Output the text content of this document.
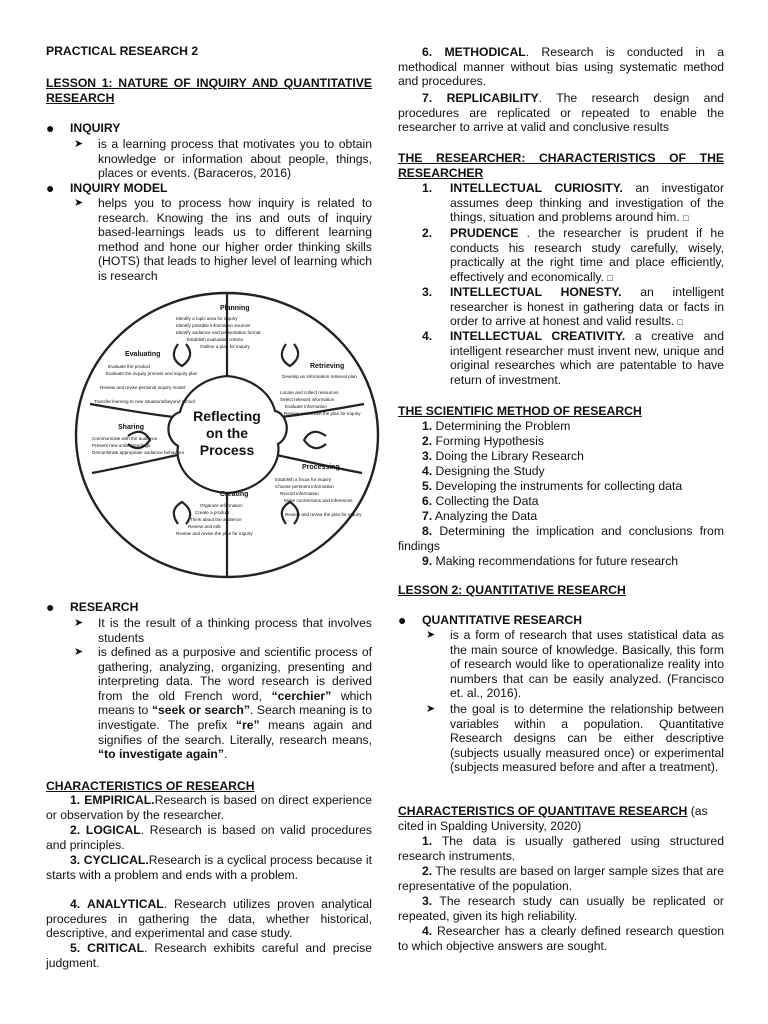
PRACTICAL RESEARCH 2
LESSON 1: NATURE OF INQUIRY AND QUANTITATIVE RESEARCH
● INQUIRY
➤ is a learning process that motivates you to obtain knowledge or information about people, things, places or events. (Baraceros, 2016)
● INQUIRY MODEL
➤ helps you to process how inquiry is related to research. Knowing the ins and outs of inquiry based-learnings leads us to different learning method and hone our higher order thinking skills (HOTS) that leads to higher level of learning which is research
● RESEARCH
➤ It is the result of a thinking process that involves students
➤ is defined as a purposive and scientific process of gathering, analyzing, organizing, presenting and interpreting data. The word research is derived from the old French word, “cerchier” which means to “seek or search”. Search meaning is to investigate. The prefix “re” means again and signifies of the search. Literally, research means, “to investigate again”.
CHARACTERISTICS OF RESEARCH
1. EMPIRICAL.Research is based on direct experience or observation by the researcher.
2. LOGICAL. Research is based on valid procedures and principles.
3. CYCLICAL.Research is a cyclical process because it starts with a problem and ends with a problem.
4. ANALYTICAL. Research utilizes proven analytical procedures in gathering the data, whether historical, descriptive, and experimental and case study.
5. CRITICAL. Research exhibits careful and precise judgment.
Reflecting
on the
Process
Planning
Retrieving
Processing
Creating
Sharing
Evaluating
Identify a topic area for inquiry
Identify possible information sources
Identify audience and presentation format
Establish evaluation criteria
Outline a plan for inquiry
Develop an information retrieval plan
Locate and collect resources
Select relevant information
Evaluate information
Review and revise the plan for inquiry
Establish a focus for inquiry
Choose pertinent information
Record information
Make connections and inferences
Review and revise the plan for inquiry
Organize information
Create a product
Think about the audience
Review and edit
Review and revise the plan for inquiry
Communicate with the audience
Present new understandings
Demonstrate appropriate audience behaviour
Evaluate the product
Evaluate the inquiry process and inquiry plan
Review and revise personal inquiry model
Transfer learning to new situations/beyond school
6. METHODICAL. Research is conducted in a methodical manner without bias using systematic method and procedures.
7. REPLICABILITY. The research design and procedures are replicated or repeated to enable the researcher to arrive at valid and conclusive results
THE RESEARCHER: CHARACTERISTICS OF THE RESEARCHER
1. INTELLECTUAL CURIOSITY. an investigator assumes deep thinking and investigation of the things, situation and problems around him. □
2. PRUDENCE . the researcher is prudent if he conducts his research study carefully, wisely, practically at the right time and place efficiently, effectively and economically. □
3. INTELLECTUAL HONESTY. an intelligent researcher is honest in gathering data or facts in order to arrive at honest and valid results. □
4. INTELLECTUAL CREATIVITY. a creative and intelligent researcher must invent new, unique and original researches which are patentable to have return of investment.
THE SCIENTIFIC METHOD OF RESEARCH
1. Determining the Problem
2. Forming Hypothesis
3. Doing the Library Research
4. Designing the Study
5. Developing the instruments for collecting data
6. Collecting the Data
7. Analyzing the Data
8. Determining the implication and conclusions from findings
9. Making recommendations for future research
LESSON 2: QUANTITATIVE RESEARCH
● QUANTITATIVE RESEARCH
➤ is a form of research that uses statistical data as the main source of knowledge. Basically, this form of research would like to operationalize reality into numbers that can be easily analyzed. (Francisco et. al., 2016).
➤ the goal is to determine the relationship between variables within a population. Quantitative Research designs can be either descriptive (subjects usually measured once) or experimental (subjects measured before and after a treatment).
CHARACTERISTICS OF QUANTITAVE RESEARCH (as cited in Spalding University, 2020)
1. The data is usually gathered using structured research instruments.
2. The results are based on larger sample sizes that are representative of the population.
3. The research study can usually be replicated or repeated, given its high reliability.
4. Researcher has a clearly defined research question to which objective answers are sought.
